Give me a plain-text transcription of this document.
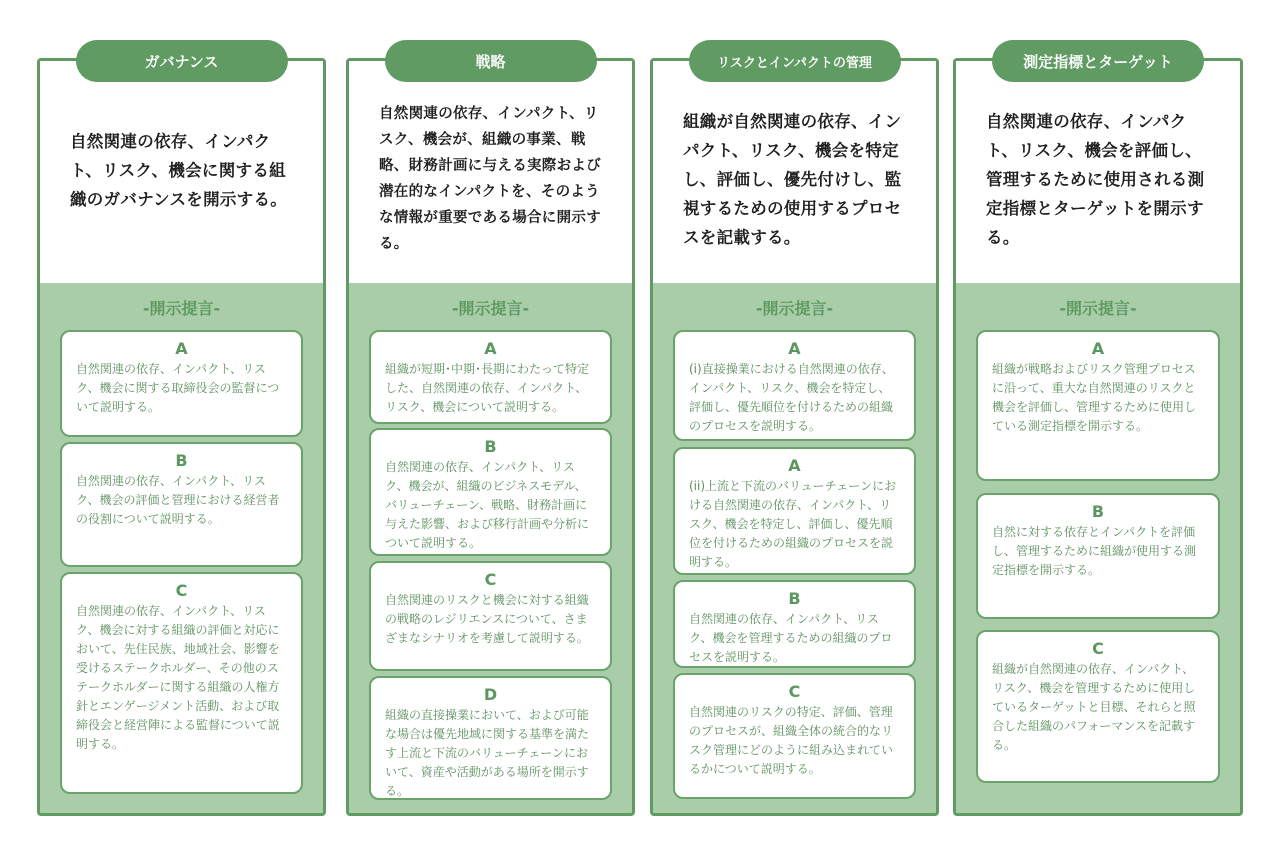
ガバナンス
自然関連の依存、インパクト、リスク、機会に関する組織のガバナンスを開示する。
-開示提言-
A
自然関連の依存、インパクト、リスク、機会に関する取締役会の監督について説明する。
B
自然関連の依存、インパクト、リスク、機会の評価と管理における経営者の役割について説明する。
C
自然関連の依存、インパクト、リスク、機会に対する組織の評価と対応において、先住民族、地域社会、影響を受けるステークホルダー、その他のステークホルダーに関する組織の人権方針とエンゲージメント活動、および取締役会と経営陣による監督について説明する。
戦略
自然関連の依存、インパクト、リスク、機会が、組織の事業、戦略、財務計画に与える実際および潜在的なインパクトを、そのような情報が重要である場合に開示する。
-開示提言-
A
組織が短期･中期･長期にわたって特定した、自然関連の依存、インパクト、リスク、機会について説明する。
B
自然関連の依存、インパクト、リスク、機会が、組織のビジネスモデル、バリューチェーン、戦略、財務計画に与えた影響、および移行計画や分析について説明する。
C
自然関連のリスクと機会に対する組織の戦略のレジリエンスについて、さまざまなシナリオを考慮して説明する。
D
組織の直接操業において、および可能な場合は優先地域に関する基準を満たす上流と下流のバリューチェーンにおいて、資産や活動がある場所を開示する。
リスクとインパクトの管理
組織が自然関連の依存、インパクト、リスク、機会を特定し、評価し、優先付けし、監視するための使用するプロセスを記載する。
-開示提言-
A
(i)直接操業における自然関連の依存、インパクト、リスク、機会を特定し、評価し、優先順位を付けるための組織のプロセスを説明する。
A
(ii)上流と下流のバリューチェーンにおける自然関連の依存、インパクト、リスク、機会を特定し、評価し、優先順位を付けるための組織のプロセスを説明する。
B
自然関連の依存、インパクト、リスク、機会を管理するための組織のプロセスを説明する。
C
自然関連のリスクの特定、評価、管理のプロセスが、組織全体の統合的なリスク管理にどのように組み込まれているかについて説明する。
測定指標とターゲット
自然関連の依存、インパクト、リスク、機会を評価し、管理するために使用される測定指標とターゲットを開示する。
-開示提言-
A
組織が戦略およびリスク管理プロセスに沿って、重大な自然関連のリスクと機会を評価し、管理するために使用している測定指標を開示する。
B
自然に対する依存とインパクトを評価し、管理するために組織が使用する測定指標を開示する。
C
組織が自然関連の依存、インパクト、リスク、機会を管理するために使用しているターゲットと目標、それらと照合した組織のパフォーマンスを記載する。
